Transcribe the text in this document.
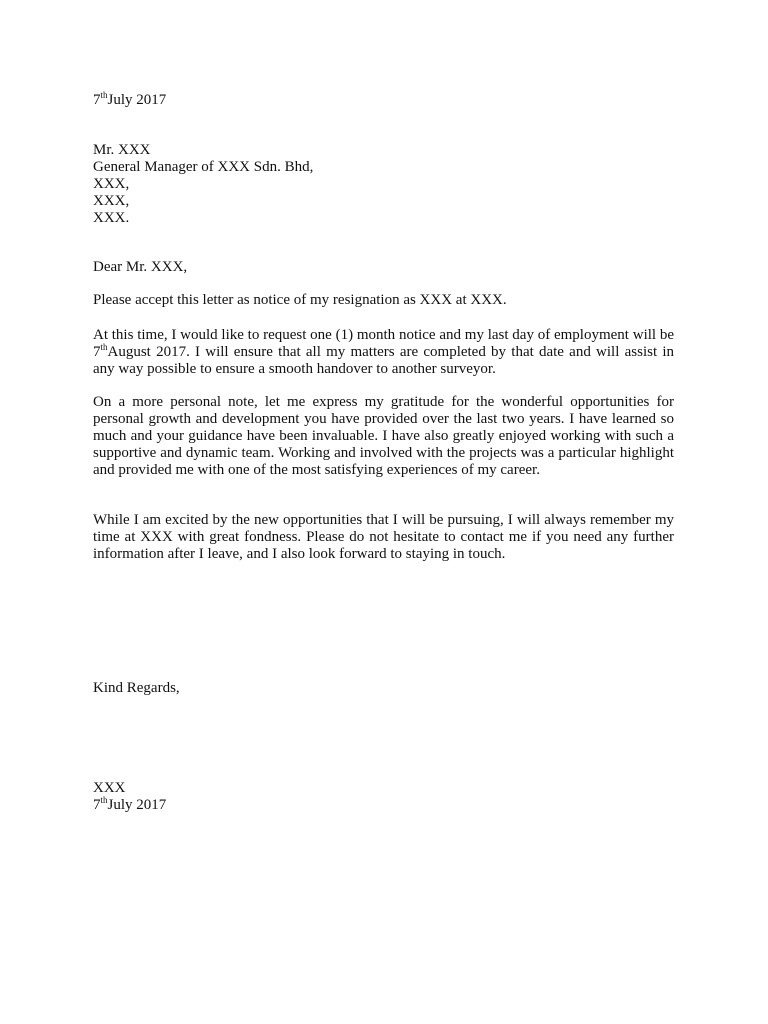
7thJuly 2017
Mr. XXX
General Manager of XXX Sdn. Bhd,
XXX,
XXX,
XXX.
Dear Mr. XXX,
Please accept this letter as notice of my resignation as XXX at XXX.
At this time, I would like to request one (1) month notice and my last day of employment will be 7thAugust 2017. I will ensure that all my matters are completed by that date and will assist in any way possible to ensure a smooth handover to another surveyor.
On a more personal note, let me express my gratitude for the wonderful opportunities for personal growth and development you have provided over the last two years. I have learned so much and your guidance have been invaluable. I have also greatly enjoyed working with such a supportive and dynamic team. Working and involved with the projects was a particular highlight and provided me with one of the most satisfying experiences of my career.
While I am excited by the new opportunities that I will be pursuing, I will always remember my time at XXX with great fondness. Please do not hesitate to contact me if you need any further information after I leave, and I also look forward to staying in touch.
Kind Regards,
XXX
7thJuly 2017
